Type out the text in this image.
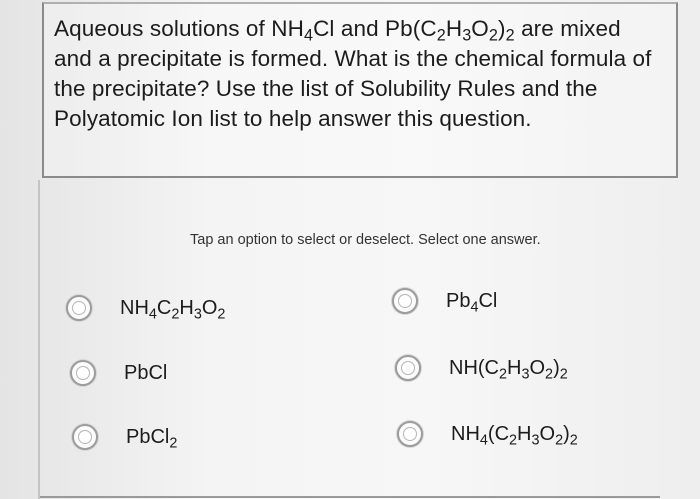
Aqueous solutions of $NH_4Cl$ and $Pb(C_2H_3O_2)_2$ are mixed
and a precipitate is formed. What is the chemical formula of
the precipitate? Use the list of Solubility Rules and the
Polyatomic Ion list to help answer this question.
Tap an option to select or deselect. Select one answer.
$NH_4C_2H_3O_2$
$Pb_4Cl$
PbCl	$NH(C_2H_3O_2)_2$
PbCl$_2$	$NH_4(C_2H_3O_2)_2$
